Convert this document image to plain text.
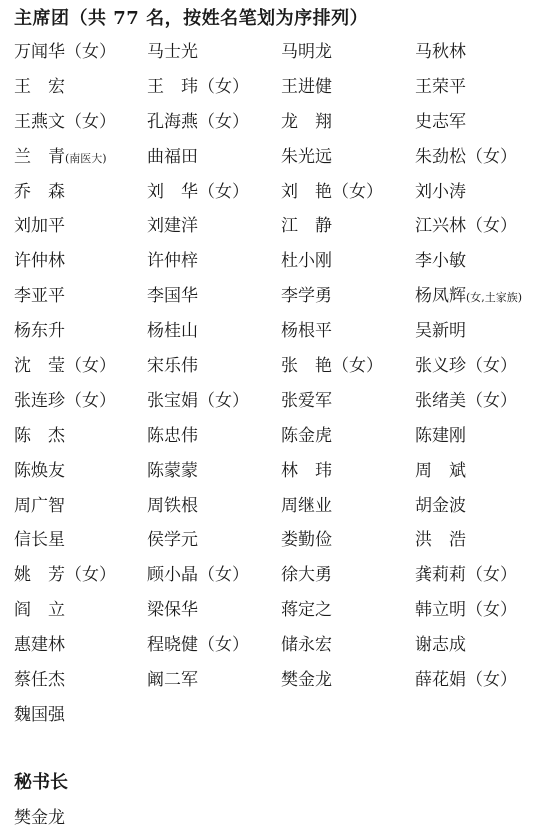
主席团（共 77 名，按姓名笔划为序排列）
万闻华（女）	马士光	马明龙	马秋林
王　宏	王　玮（女）	王进健	王荣平
王燕文（女）	孔海燕（女）	龙　翔	史志军
兰　青(南医大)	曲福田	朱光远	朱劲松（女）
乔　森	刘　华（女）	刘　艳（女）	刘小涛
刘加平	刘建洋	江　静	江兴林（女）
许仲林	许仲梓	杜小刚	李小敏
李亚平	李国华	李学勇	杨凤辉(女,土家族)
杨东升	杨桂山	杨根平	吴新明
沈　莹（女）	宋乐伟	张　艳（女）	张义珍（女）
张连珍（女）	张宝娟（女）	张爱军	张绪美（女）
陈　杰	陈忠伟	陈金虎	陈建刚
陈焕友	陈蒙蒙	林　玮	周　斌
周广智	周铁根	周继业	胡金波
信长星	侯学元	娄勤俭	洪　浩
姚　芳（女）	顾小晶（女）	徐大勇	龚莉莉（女）
阎　立	梁保华	蒋定之	韩立明（女）
惠建林	程晓健（女）	储永宏	谢志成
蔡任杰	阚二军	樊金龙	薛花娟（女）
魏国强
秘书长
樊金龙
